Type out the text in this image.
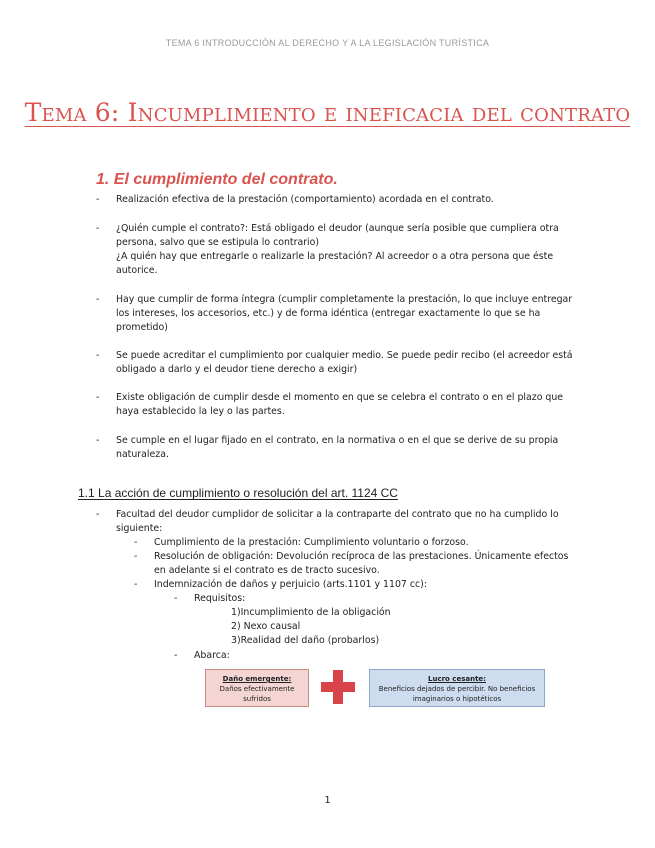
TEMA 6 INTRODUCCIÓN AL DERECHO Y A LA LEGISLACIÓN TURÍSTICA
Tema 6: Incumplimiento e ineficacia del contrato
1. El cumplimiento del contrato.
- Realización efectiva de la prestación (comportamiento) acordada en el contrato.
- ¿Quién cumple el contrato?: Está obligado el deudor (aunque sería posible que cumpliera otra
persona, salvo que se estipula lo contrario)
¿A quién hay que entregarle o realizarle la prestación? Al acreedor o a otra persona que éste
autorice.
- Hay que cumplir de forma íntegra (cumplir completamente la prestación, lo que incluye entregar
los intereses, los accesorios, etc.) y de forma idéntica (entregar exactamente lo que se ha
prometido)
- Se puede acreditar el cumplimiento por cualquier medio. Se puede pedir recibo (el acreedor está
obligado a darlo y el deudor tiene derecho a exigir)
- Existe obligación de cumplir desde el momento en que se celebra el contrato o en el plazo que
haya establecido la ley o las partes.
- Se cumple en el lugar fijado en el contrato, en la normativa o en el que se derive de su propia
naturaleza.
1.1 La acción de cumplimiento o resolución del art. 1124 CC
- Facultad del deudor cumplidor de solicitar a la contraparte del contrato que no ha cumplido lo
siguiente:
- Cumplimiento de la prestación: Cumplimiento voluntario o forzoso.
- Resolución de obligación: Devolución recíproca de las prestaciones. Únicamente efectos
en adelante si el contrato es de tracto sucesivo.
- Indemnización de daños y perjuicio (arts.1101 y 1107 cc):
- Requisitos:
1)Incumplimiento de la obligación
2) Nexo causal
3)Realidad del daño (probarlos)
- Abarca:
Daño emergente:
Daños efectivamente
sufridos
Lucro cesante:
Beneficios dejados de percibir. No beneficios
imaginarios o hipotéticos
1
